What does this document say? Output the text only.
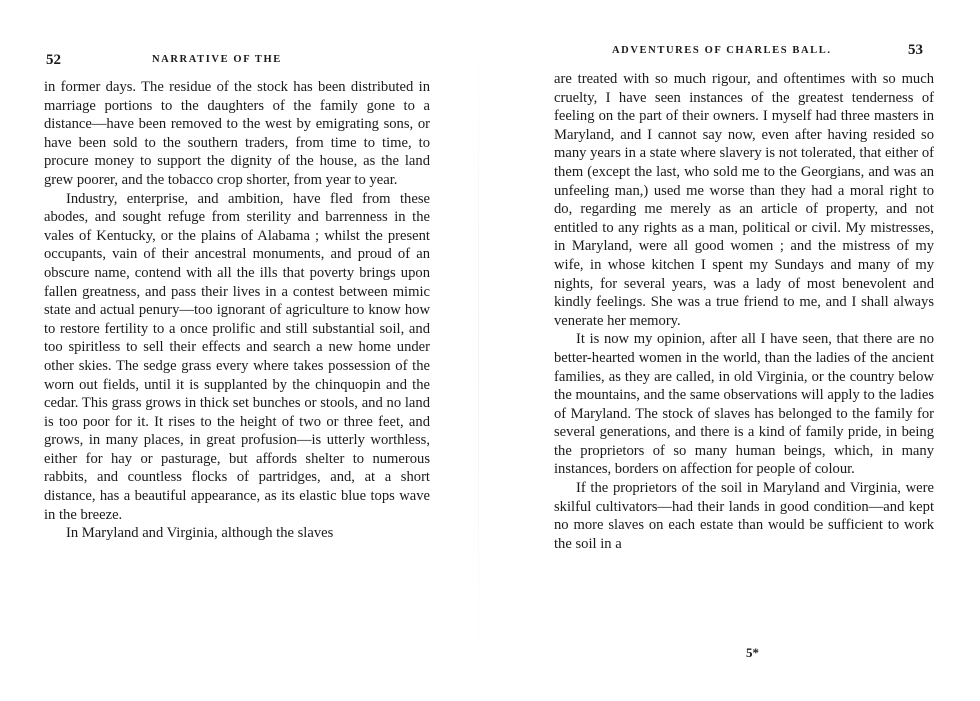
52	NARRATIVE OF THE

in former days. The residue of the stock has been distributed in marriage portions to the daughters of the family gone to a distance—have been removed to the west by emigrating sons, or have been sold to the southern traders, from time to time, to procure money to support the dignity of the house, as the land grew poorer, and the tobacco crop shorter, from year to year.

Industry, enterprise, and ambition, have fled from these abodes, and sought refuge from sterility and barrenness in the vales of Kentucky, or the plains of Alabama ; whilst the present occupants, vain of their ancestral monuments, and proud of an obscure name, contend with all the ills that poverty brings upon fallen greatness, and pass their lives in a contest between mimic state and actual penury—too ignorant of agriculture to know how to restore fertility to a once prolific and still substantial soil, and too spiritless to sell their effects and search a new home under other skies. The sedge grass every where takes possession of the worn out fields, until it is supplanted by the chinquopin and the cedar. This grass grows in thick set bunches or stools, and no land is too poor for it. It rises to the height of two or three feet, and grows, in many places, in great profusion—is utterly worthless, either for hay or pasturage, but affords shelter to numerous rabbits, and countless flocks of partridges, and, at a short distance, has a beautiful appearance, as its elastic blue tops wave in the breeze.

In Maryland and Virginia, although the slaves

ADVENTURES OF CHARLES BALL.	53

are treated with so much rigour, and oftentimes with so much cruelty, I have seen instances of the greatest tenderness of feeling on the part of their owners. I myself had three masters in Maryland, and I cannot say now, even after having resided so many years in a state where slavery is not tolerated, that either of them (except the last, who sold me to the Georgians, and was an unfeeling man,) used me worse than they had a moral right to do, regarding me merely as an article of property, and not entitled to any rights as a man, political or civil. My mistresses, in Maryland, were all good women ; and the mistress of my wife, in whose kitchen I spent my Sundays and many of my nights, for several years, was a lady of most benevolent and kindly feelings. She was a true friend to me, and I shall always venerate her memory.

It is now my opinion, after all I have seen, that there are no better-hearted women in the world, than the ladies of the ancient families, as they are called, in old Virginia, or the country below the mountains, and the same observations will apply to the ladies of Maryland. The stock of slaves has belonged to the family for several generations, and there is a kind of family pride, in being the proprietors of so many human beings, which, in many instances, borders on affection for people of colour.

If the proprietors of the soil in Maryland and Virginia, were skilful cultivators—had their lands in good condition—and kept no more slaves on each estate than would be sufficient to work the soil in a

5*
